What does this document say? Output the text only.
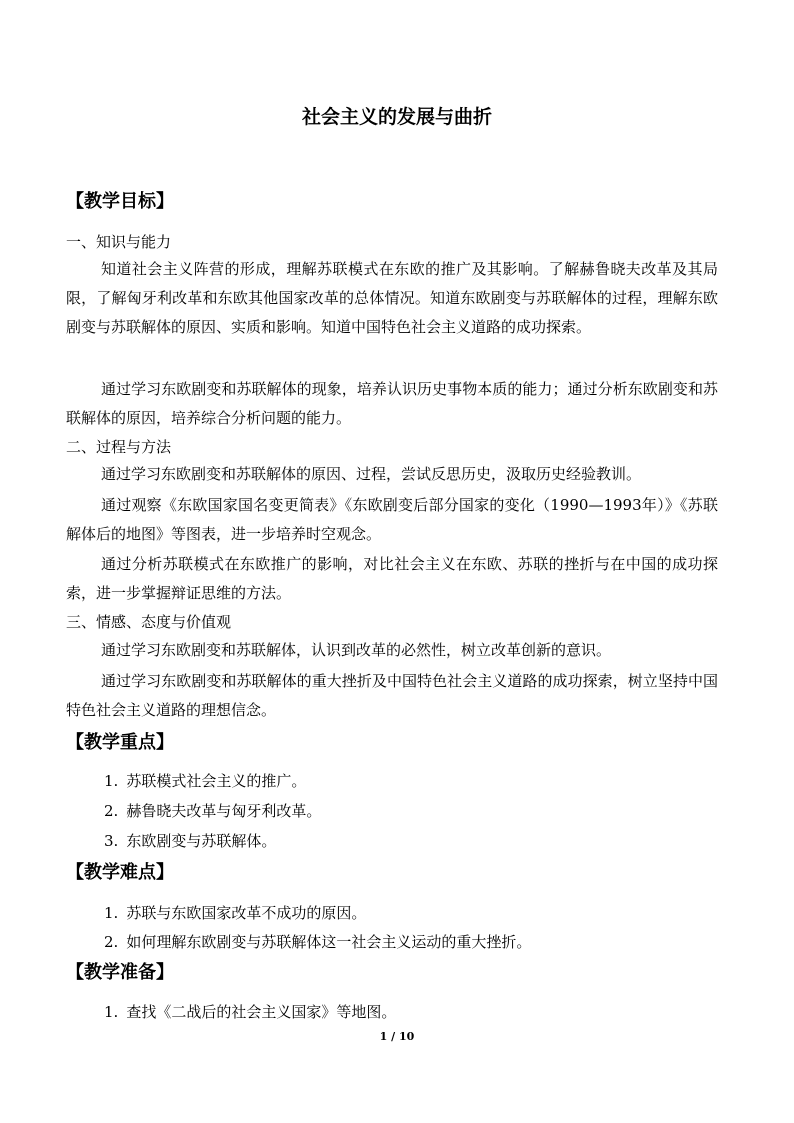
社会主义的发展与曲折
【教学目标】
一、知识与能力

知道社会主义阵营的形成，理解苏联模式在东欧的推广及其影响。了解赫鲁晓夫改革及其局限，了解匈牙利改革和东欧其他国家改革的总体情况。知道东欧剧变与苏联解体的过程，理解东欧剧变与苏联解体的原因、实质和影响。知道中国特色社会主义道路的成功探索。

通过学习东欧剧变和苏联解体的现象，培养认识历史事物本质的能力；通过分析东欧剧变和苏联解体的原因，培养综合分析问题的能力。

二、过程与方法

通过学习东欧剧变和苏联解体的原因、过程，尝试反思历史，汲取历史经验教训。

通过观察《东欧国家国名变更简表》《东欧剧变后部分国家的变化（1990—1993年）》《苏联解体后的地图》等图表，进一步培养时空观念。

通过分析苏联模式在东欧推广的影响，对比社会主义在东欧、苏联的挫折与在中国的成功探索，进一步掌握辩证思维的方法。

三、情感、态度与价值观

通过学习东欧剧变和苏联解体，认识到改革的必然性，树立改革创新的意识。

通过学习东欧剧变和苏联解体的重大挫折及中国特色社会主义道路的成功探索，树立坚持中国特色社会主义道路的理想信念。

【教学重点】
1. 苏联模式社会主义的推广。
2. 赫鲁晓夫改革与匈牙利改革。
3. 东欧剧变与苏联解体。
【教学难点】
1. 苏联与东欧国家改革不成功的原因。
2. 如何理解东欧剧变与苏联解体这一社会主义运动的重大挫折。
【教学准备】
1. 查找《二战后的社会主义国家》等地图。
1 / 10
